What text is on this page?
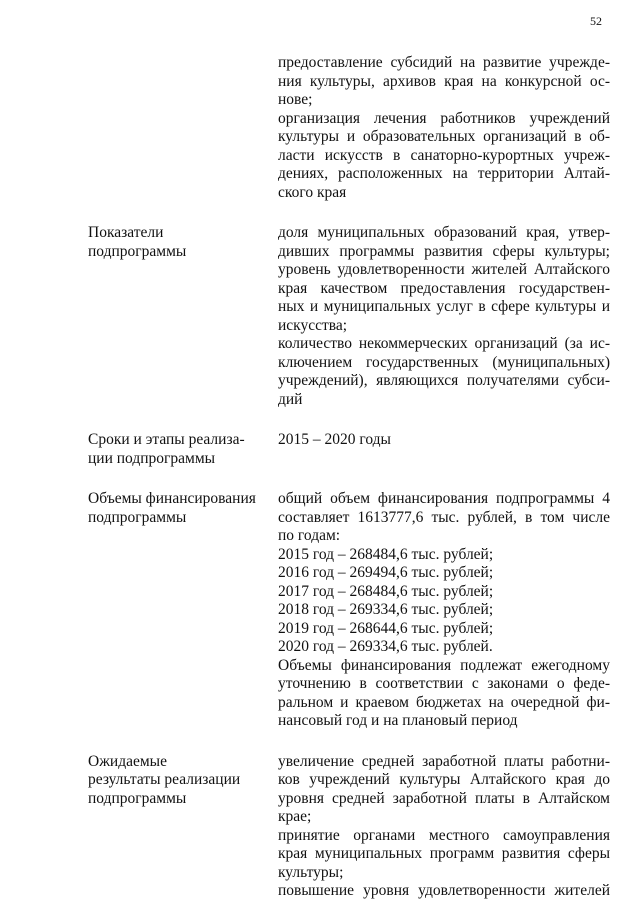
52
предоставление субсидий на развитие учрежде-
ния культуры, архивов края на конкурсной ос-
нове;
организация лечения работников учреждений
культуры и образовательных организаций в об-
ласти искусств в санаторно-курортных учреж-
дениях, расположенных на территории Алтай-
ского края
Показатели
подпрограммы
доля муниципальных образований края, утвер-
дивших программы развития сферы культуры;
уровень удовлетворенности жителей Алтайского
края качеством предоставления государствен-
ных и муниципальных услуг в сфере культуры и
искусства;
количество некоммерческих организаций (за ис-
ключением государственных (муниципальных)
учреждений), являющихся получателями субси-
дий
Сроки и этапы реализа-
ции подпрограммы
2015 – 2020 годы
Объемы финансирования
подпрограммы
общий объем финансирования подпрограммы 4
составляет 1613777,6 тыс. рублей, в том числе
по годам:
2015 год – 268484,6 тыс. рублей;
2016 год – 269494,6 тыс. рублей;
2017 год – 268484,6 тыс. рублей;
2018 год – 269334,6 тыс. рублей;
2019 год – 268644,6 тыс. рублей;
2020 год – 269334,6 тыс. рублей.
Объемы финансирования подлежат ежегодному
уточнению в соответствии с законами о феде-
ральном и краевом бюджетах на очередной фи-
нансовый год и на плановый период
Ожидаемые
результаты реализации
подпрограммы
увеличение средней заработной платы работни-
ков учреждений культуры Алтайского края до
уровня средней заработной платы в Алтайском
крае;
принятие органами местного самоуправления
края муниципальных программ развития сферы
культуры;
повышение уровня удовлетворенности жителей
